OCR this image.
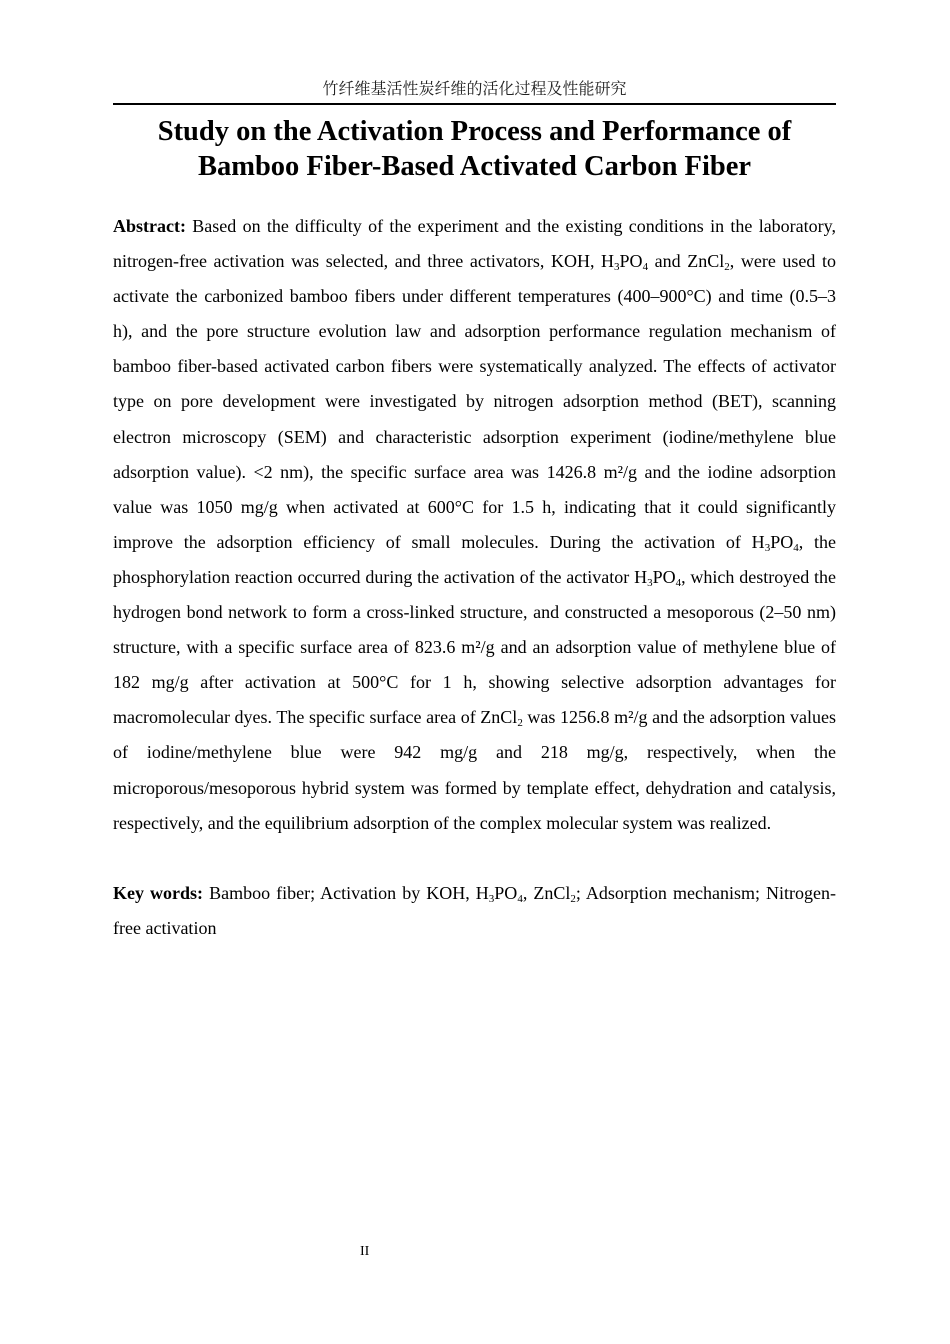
竹纤维基活性炭纤维的活化过程及性能研究
Study on the Activation Process and Performance of
Bamboo Fiber-Based Activated Carbon Fiber

Abstract: Based on the difficulty of the experiment and the existing conditions in the laboratory, nitrogen-free activation was selected, and three activators, KOH, $H_3PO_4$ and ZnCl$_2$, were used to activate the carbonized bamboo fibers under different temperatures (400–900°C) and time (0.5–3 h), and the pore structure evolution law and adsorption performance regulation mechanism of bamboo fiber-based activated carbon fibers were systematically analyzed. The effects of activator type on pore development were investigated by nitrogen adsorption method (BET), scanning electron microscopy (SEM) and characteristic adsorption experiment (iodine/methylene blue adsorption value). <2 nm), the specific surface area was 1426.8 m²/g and the iodine adsorption value was 1050 mg/g when activated at 600°C for 1.5 h, indicating that it could significantly improve the adsorption efficiency of small molecules. During the activation of $H_3PO_4$, the phosphorylation reaction occurred during the activation of the activator $H_3PO_4$, which destroyed the hydrogen bond network to form a cross-linked structure, and constructed a mesoporous (2–50 nm) structure, with a specific surface area of 823.6 m²/g and an adsorption value of methylene blue of 182 mg/g after activation at 500°C for 1 h, showing selective adsorption advantages for macromolecular dyes. The specific surface area of ZnCl$_2$ was 1256.8 m²/g and the adsorption values of iodine/methylene blue were 942 mg/g and 218 mg/g, respectively, when the microporous/mesoporous hybrid system was formed by template effect, dehydration and catalysis, respectively, and the equilibrium adsorption of the complex molecular system was realized.

Key words: Bamboo fiber; Activation by KOH, $H_3PO_4$, ZnCl$_2$; Adsorption mechanism; Nitrogen-free activation

II
